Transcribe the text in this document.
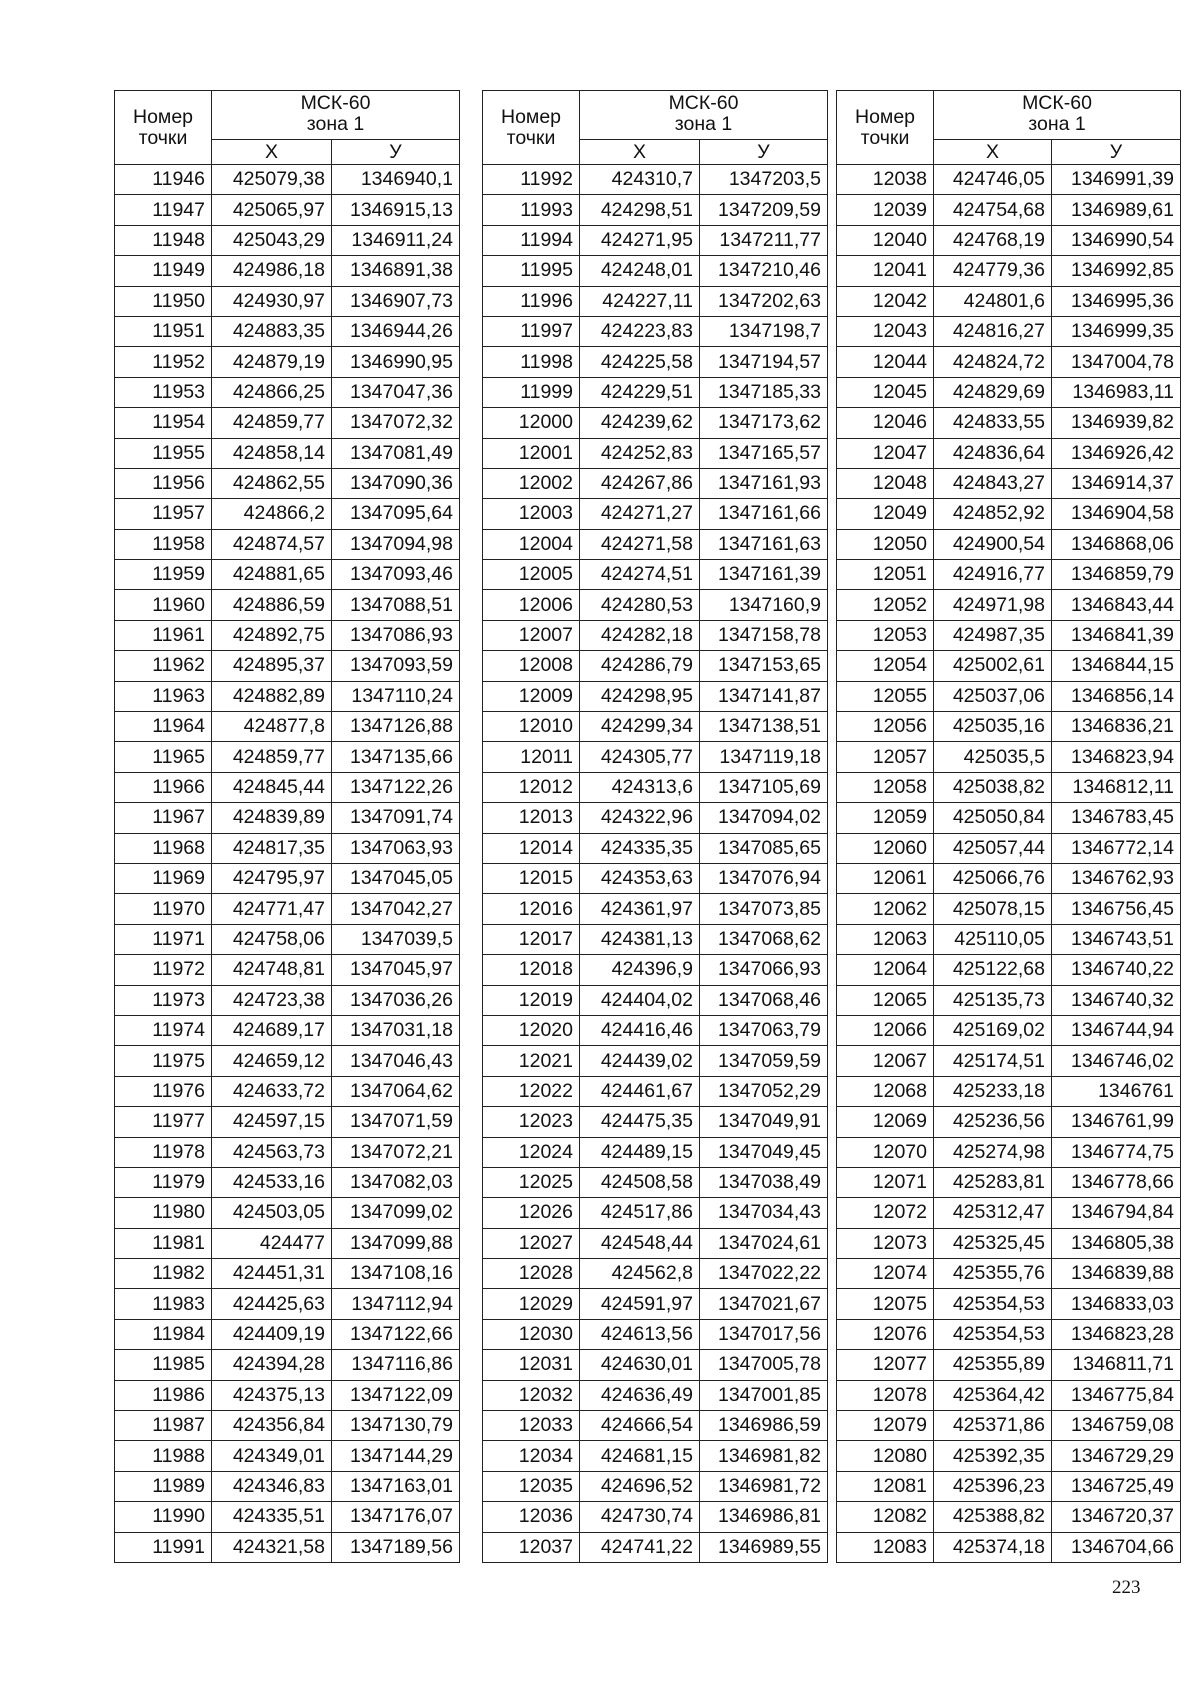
Номер точки	МСК-60
зона 1	
	Х	У
11946	425079,38	1346940,1
11947	425065,97	1346915,13
11948	425043,29	1346911,24
11949	424986,18	1346891,38
11950	424930,97	1346907,73
11951	424883,35	1346944,26
11952	424879,19	1346990,95
11953	424866,25	1347047,36
11954	424859,77	1347072,32
11955	424858,14	1347081,49
11956	424862,55	1347090,36
11957	424866,2	1347095,64
11958	424874,57	1347094,98
11959	424881,65	1347093,46
11960	424886,59	1347088,51
11961	424892,75	1347086,93
11962	424895,37	1347093,59
11963	424882,89	1347110,24
11964	424877,8	1347126,88
11965	424859,77	1347135,66
11966	424845,44	1347122,26
11967	424839,89	1347091,74
11968	424817,35	1347063,93
11969	424795,97	1347045,05
11970	424771,47	1347042,27
11971	424758,06	1347039,5
11972	424748,81	1347045,97
11973	424723,38	1347036,26
11974	424689,17	1347031,18
11975	424659,12	1347046,43
11976	424633,72	1347064,62
11977	424597,15	1347071,59
11978	424563,73	1347072,21
11979	424533,16	1347082,03
11980	424503,05	1347099,02
11981	424477	1347099,88
11982	424451,31	1347108,16
11983	424425,63	1347112,94
11984	424409,19	1347122,66
11985	424394,28	1347116,86
11986	424375,13	1347122,09
11987	424356,84	1347130,79
11988	424349,01	1347144,29
11989	424346,83	1347163,01
11990	424335,51	1347176,07
11991	424321,58	1347189,56
Номер точки	МСК-60
зона 1	
	Х	У
11992	424310,7	1347203,5
11993	424298,51	1347209,59
11994	424271,95	1347211,77
11995	424248,01	1347210,46
11996	424227,11	1347202,63
11997	424223,83	1347198,7
11998	424225,58	1347194,57
11999	424229,51	1347185,33
12000	424239,62	1347173,62
12001	424252,83	1347165,57
12002	424267,86	1347161,93
12003	424271,27	1347161,66
12004	424271,58	1347161,63
12005	424274,51	1347161,39
12006	424280,53	1347160,9
12007	424282,18	1347158,78
12008	424286,79	1347153,65
12009	424298,95	1347141,87
12010	424299,34	1347138,51
12011	424305,77	1347119,18
12012	424313,6	1347105,69
12013	424322,96	1347094,02
12014	424335,35	1347085,65
12015	424353,63	1347076,94
12016	424361,97	1347073,85
12017	424381,13	1347068,62
12018	424396,9	1347066,93
12019	424404,02	1347068,46
12020	424416,46	1347063,79
12021	424439,02	1347059,59
12022	424461,67	1347052,29
12023	424475,35	1347049,91
12024	424489,15	1347049,45
12025	424508,58	1347038,49
12026	424517,86	1347034,43
12027	424548,44	1347024,61
12028	424562,8	1347022,22
12029	424591,97	1347021,67
12030	424613,56	1347017,56
12031	424630,01	1347005,78
12032	424636,49	1347001,85
12033	424666,54	1346986,59
12034	424681,15	1346981,82
12035	424696,52	1346981,72
12036	424730,74	1346986,81
12037	424741,22	1346989,55
Номер точки	МСК-60
зона 1	
	Х	У
12038	424746,05	1346991,39
12039	424754,68	1346989,61
12040	424768,19	1346990,54
12041	424779,36	1346992,85
12042	424801,6	1346995,36
12043	424816,27	1346999,35
12044	424824,72	1347004,78
12045	424829,69	1346983,11
12046	424833,55	1346939,82
12047	424836,64	1346926,42
12048	424843,27	1346914,37
12049	424852,92	1346904,58
12050	424900,54	1346868,06
12051	424916,77	1346859,79
12052	424971,98	1346843,44
12053	424987,35	1346841,39
12054	425002,61	1346844,15
12055	425037,06	1346856,14
12056	425035,16	1346836,21
12057	425035,5	1346823,94
12058	425038,82	1346812,11
12059	425050,84	1346783,45
12060	425057,44	1346772,14
12061	425066,76	1346762,93
12062	425078,15	1346756,45
12063	425110,05	1346743,51
12064	425122,68	1346740,22
12065	425135,73	1346740,32
12066	425169,02	1346744,94
12067	425174,51	1346746,02
12068	425233,18	1346761
12069	425236,56	1346761,99
12070	425274,98	1346774,75
12071	425283,81	1346778,66
12072	425312,47	1346794,84
12073	425325,45	1346805,38
12074	425355,76	1346839,88
12075	425354,53	1346833,03
12076	425354,53	1346823,28
12077	425355,89	1346811,71
12078	425364,42	1346775,84
12079	425371,86	1346759,08
12080	425392,35	1346729,29
12081	425396,23	1346725,49
12082	425388,82	1346720,37
12083	425374,18	1346704,66
223
